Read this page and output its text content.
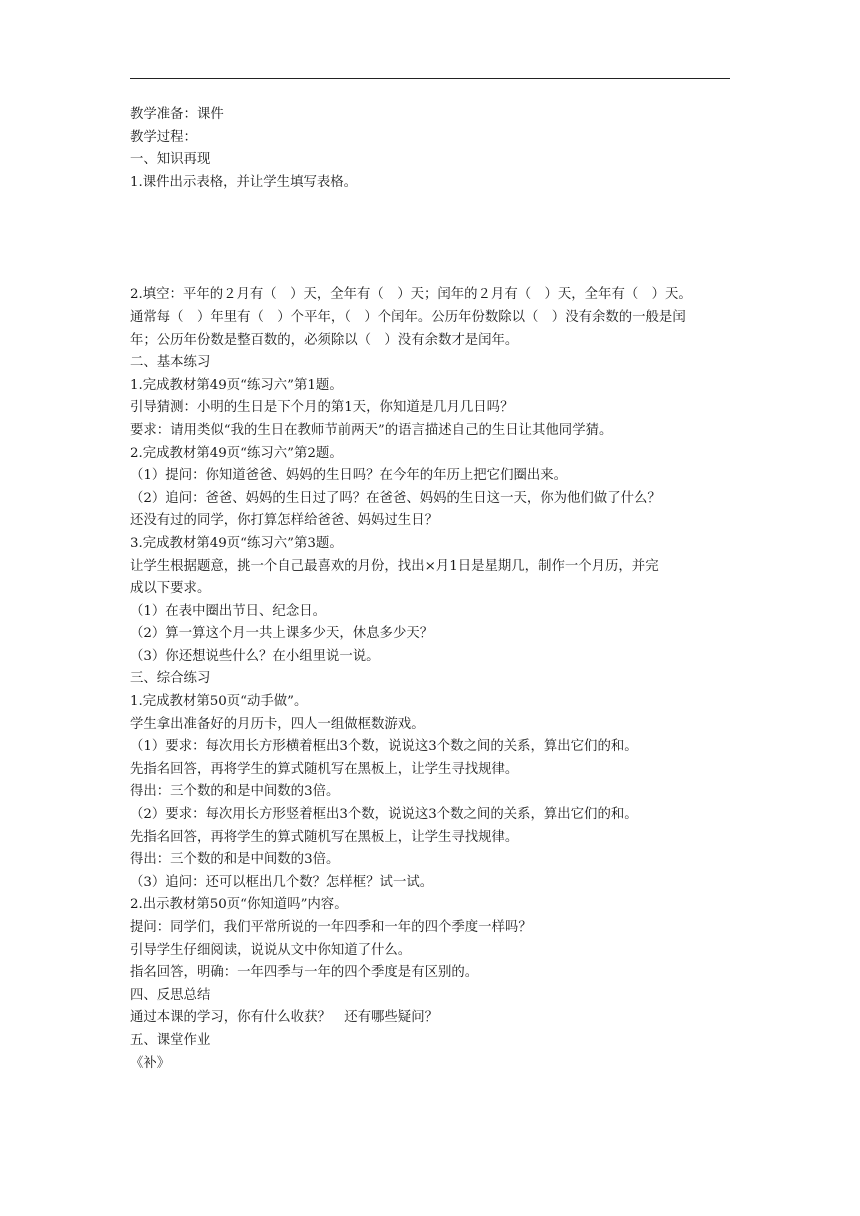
教学准备：课件
教学过程：
一、知识再现
1.课件出示表格，并让学生填写表格。
2.填空：平年的２月有（　）天，全年有（　）天；闰年的２月有（　）天，全年有（　）天。
通常每（　）年里有（　）个平年，（　）个闰年。公历年份数除以（　）没有余数的一般是闰
年；公历年份数是整百数的，必须除以（　）没有余数才是闰年。
二、基本练习
1.完成教材第49页“练习六”第1题。
引导猜测：小明的生日是下个月的第1天，你知道是几月几日吗？
要求：请用类似“我的生日在教师节前两天”的语言描述自己的生日让其他同学猜。
2.完成教材第49页“练习六”第2题。
（1）提问：你知道爸爸、妈妈的生日吗？在今年的年历上把它们圈出来。
（2）追问：爸爸、妈妈的生日过了吗？在爸爸、妈妈的生日这一天，你为他们做了什么？
还没有过的同学，你打算怎样给爸爸、妈妈过生日？
3.完成教材第49页“练习六”第3题。
让学生根据题意，挑一个自己最喜欢的月份，找出×月1日是星期几，制作一个月历，并完
成以下要求。
（1）在表中圈出节日、纪念日。
（2）算一算这个月一共上课多少天，休息多少天？
（3）你还想说些什么？在小组里说一说。
三、综合练习
1.完成教材第50页“动手做”。
学生拿出准备好的月历卡，四人一组做框数游戏。
（1）要求：每次用长方形横着框出3个数，说说这3个数之间的关系，算出它们的和。
先指名回答，再将学生的算式随机写在黑板上，让学生寻找规律。
得出：三个数的和是中间数的3倍。
（2）要求：每次用长方形竖着框出3个数，说说这3个数之间的关系，算出它们的和。
先指名回答，再将学生的算式随机写在黑板上，让学生寻找规律。
得出：三个数的和是中间数的3倍。
（3）追问：还可以框出几个数？怎样框？试一试。
2.出示教材第50页“你知道吗”内容。
提问：同学们，我们平常所说的一年四季和一年的四个季度一样吗？
引导学生仔细阅读，说说从文中你知道了什么。
指名回答，明确：一年四季与一年的四个季度是有区别的。
四、反思总结
通过本课的学习，你有什么收获？　还有哪些疑问？
五、课堂作业
《补》
